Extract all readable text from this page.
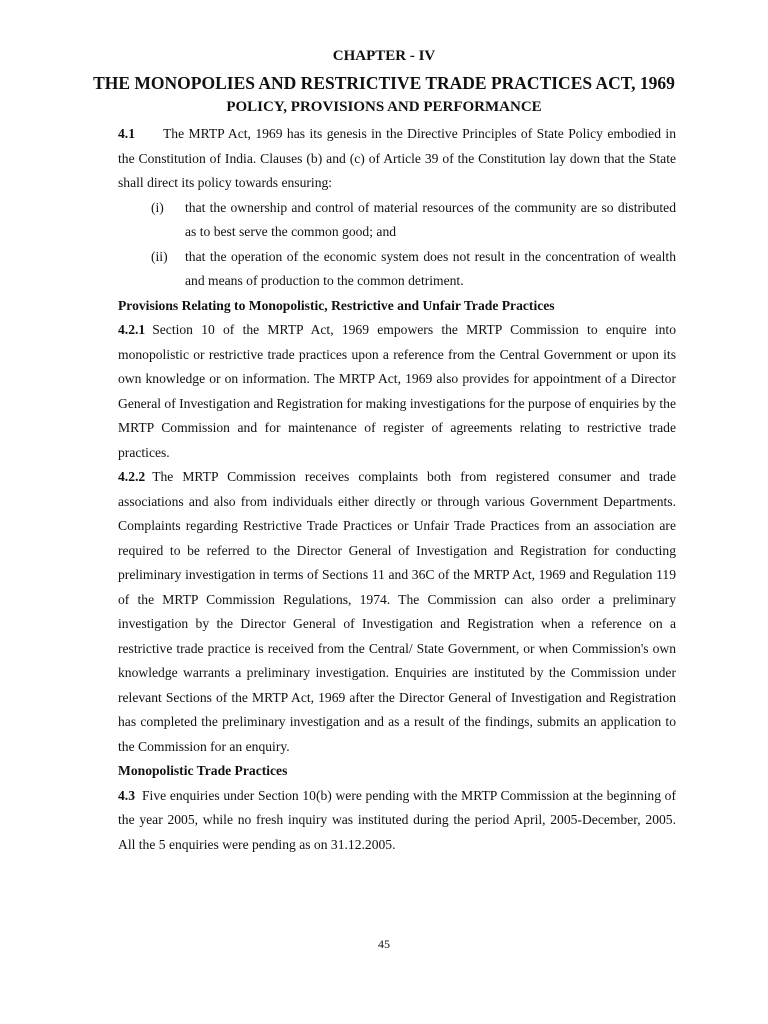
CHAPTER - IV
THE MONOPOLIES AND RESTRICTIVE TRADE PRACTICES ACT, 1969
POLICY, PROVISIONS AND PERFORMANCE

4.1 The MRTP Act, 1969 has its genesis in the Directive Principles of State Policy embodied in the Constitution of India. Clauses (b) and (c) of Article 39 of the Constitution lay down that the State shall direct its policy towards ensuring:

(i) that the ownership and control of material resources of the community are so distributed as to best serve the common good; and
(ii) that the operation of the economic system does not result in the concentration of wealth and means of production to the common detriment.
Provisions Relating to Monopolistic, Restrictive and Unfair Trade Practices

4.2.1 Section 10 of the MRTP Act, 1969 empowers the MRTP Commission to enquire into monopolistic or restrictive trade practices upon a reference from the Central Government or upon its own knowledge or on information. The MRTP Act, 1969 also provides for appointment of a Director General of Investigation and Registration for making investigations for the purpose of enquiries by the MRTP Commission and for maintenance of register of agreements relating to restrictive trade practices.

4.2.2 The MRTP Commission receives complaints both from registered consumer and trade associations and also from individuals either directly or through various Government Departments. Complaints regarding Restrictive Trade Practices or Unfair Trade Practices from an association are required to be referred to the Director General of Investigation and Registration for conducting preliminary investigation in terms of Sections 11 and 36C of the MRTP Act, 1969 and Regulation 119 of the MRTP Commission Regulations, 1974. The Commission can also order a preliminary investigation by the Director General of Investigation and Registration when a reference on a restrictive trade practice is received from the Central/ State Government, or when Commission's own knowledge warrants a preliminary investigation. Enquiries are instituted by the Commission under relevant Sections of the MRTP Act, 1969 after the Director General of Investigation and Registration has completed the preliminary investigation and as a result of the findings, submits an application to the Commission for an enquiry.

Monopolistic Trade Practices

4.3 Five enquiries under Section 10(b) were pending with the MRTP Commission at the beginning of the year 2005, while no fresh inquiry was instituted during the period April, 2005-December, 2005. All the 5 enquiries were pending as on 31.12.2005.

45
